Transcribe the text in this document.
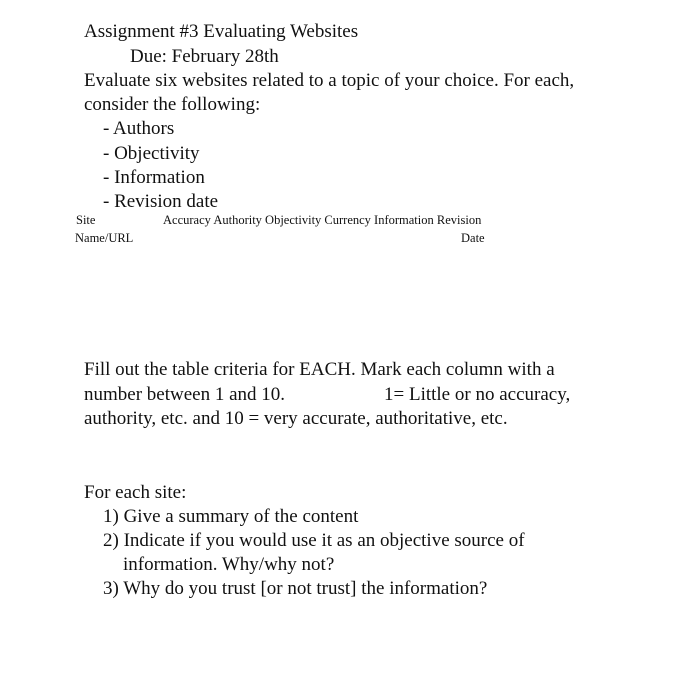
Assignment #3 Evaluating Websites
Due: February 28th
Evaluate six websites related to a topic of your choice. For each,
consider the following:
- Authors
- Objectivity
- Information
- Revision date
Site
Name/URL
Accuracy Authority Objectivity Currency Information Revision
Date
Fill out the table criteria for EACH. Mark each column with a
number between 1 and 10.	1= Little or no accuracy,
authority, etc. and 10 = very accurate, authoritative, etc.
For each site:
1) Give a summary of the content
2) Indicate if you would use it as an objective source of
information. Why/why not?
3) Why do you trust [or not trust] the information?
